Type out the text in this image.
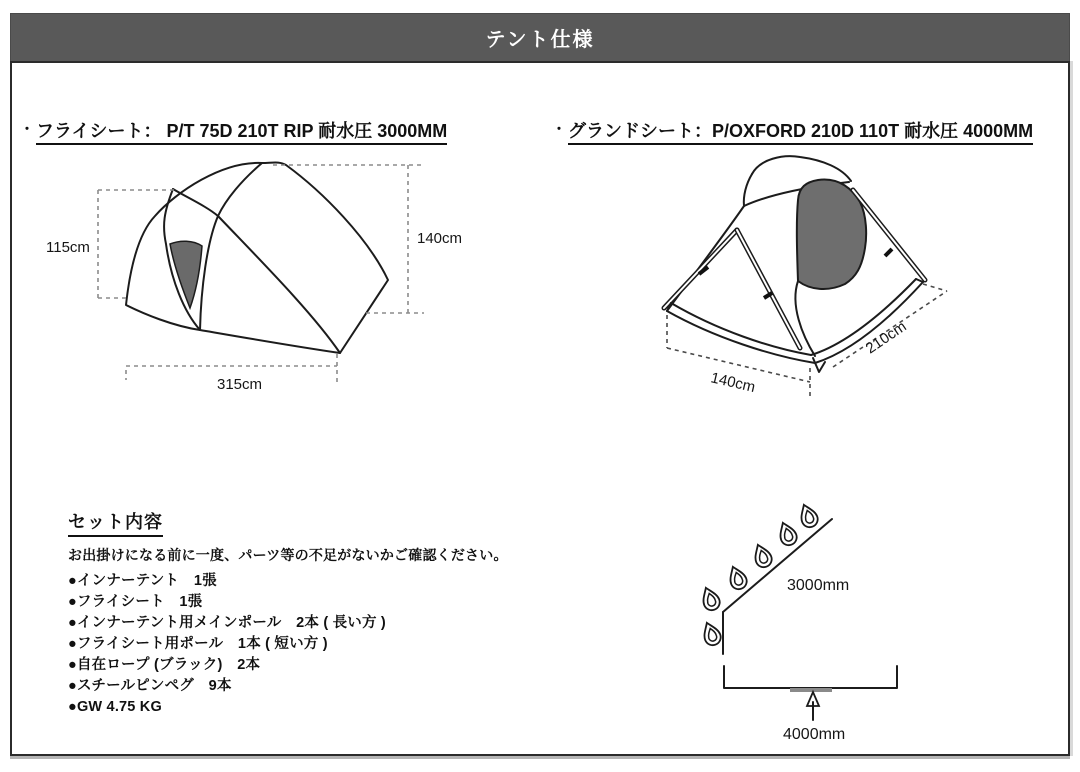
テント仕様
・ フライシート： P/T 75D 210T RIP 耐水圧 3000MM	・ グランドシート：P/OXFORD 210D 110T 耐水圧 4000MM
115cm
140cm
315cm	140cm
210cm
3000mm
4000mm
セット内容
お出掛けになる前に一度、パーツ等の不足がないかご確認ください。
●インナーテント　1張
●フライシート　1張
●インナーテント用メインポール　2本 ( 長い方 )
●フライシート用ポール　1本 ( 短い方 )
●自在ロープ (ブラック)　2本
●スチールピンペグ　9本
●GW 4.75 KG
